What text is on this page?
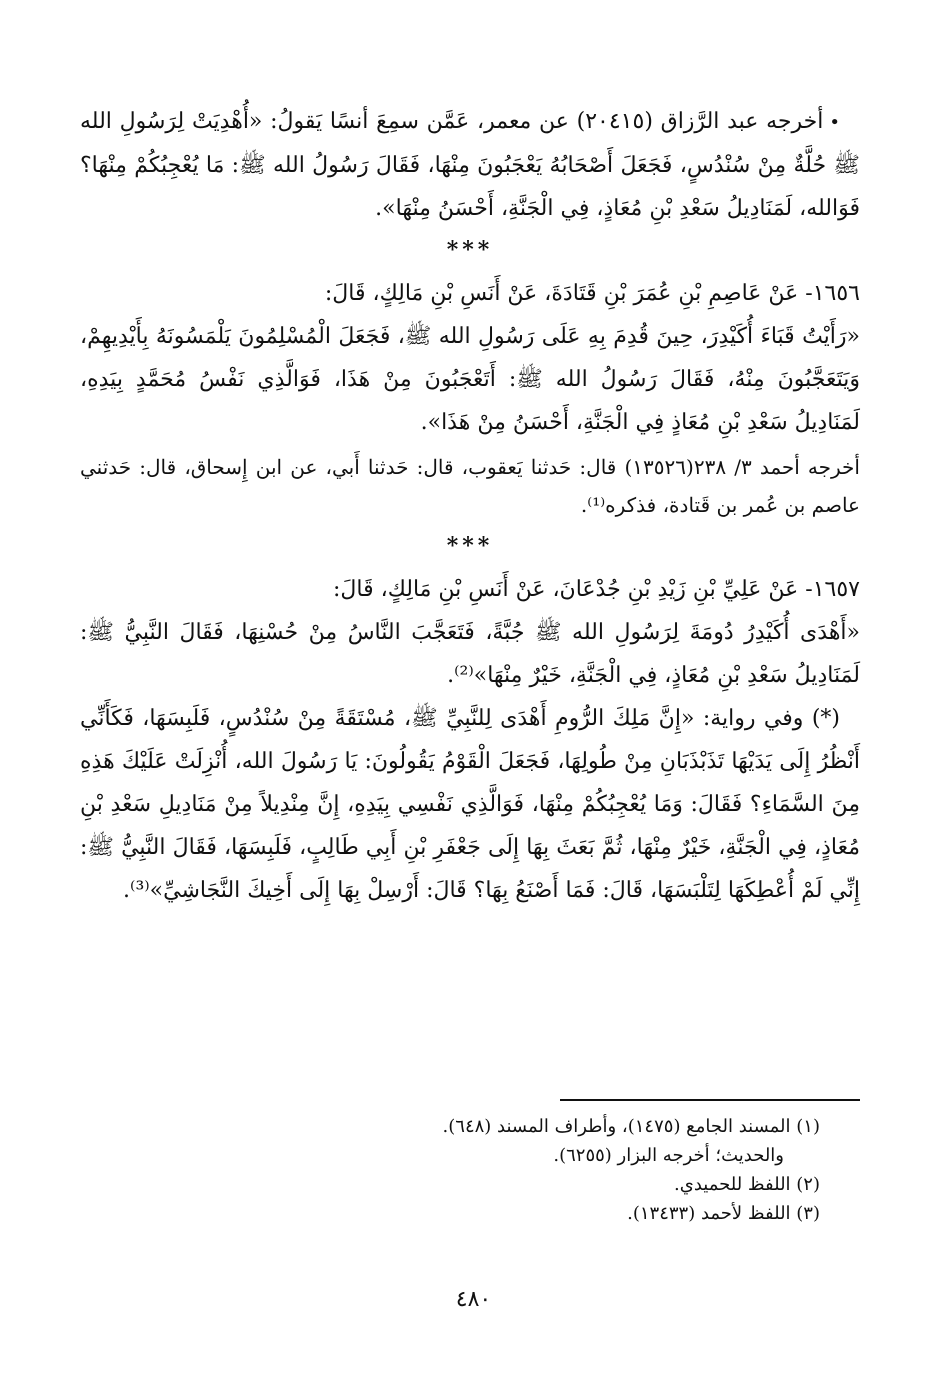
•أخرجه عبد الرَّزاق (٢٠٤١٥) عن معمر، عَمَّن سمِعَ أنسًا يَقولُ: «أُهْدِيَتْ لِرَسُولِ الله ﷺ حُلَّةٌ مِنْ سُنْدُسٍ، فَجَعَلَ أَصْحَابُهُ يَعْجَبُونَ مِنْهَا، فَقَالَ رَسُولُ الله ﷺ: مَا يُعْجِبُكُمْ مِنْهَا؟ فَوَالله، لَمَنَادِيلُ سَعْدِ بْنِ مُعَاذٍ، فِي الْجَنَّةِ، أَحْسَنُ مِنْهَا».

***

١٦٥٦- عَنْ عَاصِمِ بْنِ عُمَرَ بْنِ قَتَادَةَ، عَنْ أَنَسِ بْنِ مَالِكٍ، قَالَ:

«رَأَيْتُ قَبَاءَ أُكَيْدِرَ، حِينَ قُدِمَ بِهِ عَلَى رَسُولِ الله ﷺ، فَجَعَلَ الْمُسْلِمُونَ يَلْمَسُونَهُ بِأَيْدِيهِمْ، وَيَتَعَجَّبُونَ مِنْهُ، فَقَالَ رَسُولُ الله ﷺ: أَتَعْجَبُونَ مِنْ هَذَا، فَوَالَّذِي نَفْسُ مُحَمَّدٍ بِيَدِهِ، لَمَنَادِيلُ سَعْدِ بْنِ مُعَاذٍ فِي الْجَنَّةِ، أَحْسَنُ مِنْ هَذَا».

أخرجه أحمد ٣/ ٢٣٨(١٣٥٢٦) قال: حَدثنا يَعقوب، قال: حَدثنا أَبي، عن ابن إِسحاق، قال: حَدثني عاصم بن عُمر بن قَتادة، فذكره⁽¹⁾.

***

١٦٥٧- عَنْ عَلِيِّ بْنِ زَيْدِ بْنِ جُدْعَانَ، عَنْ أَنَسِ بْنِ مَالِكٍ، قَالَ:

«أَهْدَى أُكَيْدِرُ دُومَةَ لِرَسُولِ الله ﷺ جُبَّةً، فَتَعَجَّبَ النَّاسُ مِنْ حُسْنِهَا، فَقَالَ النَّبِيُّ ﷺ: لَمَنَادِيلُ سَعْدِ بْنِ مُعَاذٍ، فِي الْجَنَّةِ، خَيْرٌ مِنْهَا»⁽²⁾.

(*) وفي رواية: «إِنَّ مَلِكَ الرُّومِ أَهْدَى لِلنَّبِيِّ ﷺ، مُسْتَقَةً مِنْ سُنْدُسٍ، فَلَبِسَهَا، فَكَأَنِّي أَنْظُرُ إِلَى يَدَيْهَا تَذَبْذَبَانِ مِنْ طُولِهَا، فَجَعَلَ الْقَوْمُ يَقُولُونَ: يَا رَسُولَ الله، أُنْزِلَتْ عَلَيْكَ هَذِهِ مِنَ السَّمَاءِ؟ فَقَالَ: وَمَا يُعْجِبُكُمْ مِنْهَا، فَوَالَّذِي نَفْسِي بِيَدِهِ، إِنَّ مِنْدِيلاً مِنْ مَنَادِيلِ سَعْدِ بْنِ مُعَاذٍ، فِي الْجَنَّةِ، خَيْرٌ مِنْهَا، ثُمَّ بَعَثَ بِهَا إِلَى جَعْفَرِ بْنِ أَبِي طَالِبٍ، فَلَبِسَهَا، فَقَالَ النَّبِيُّ ﷺ: إِنِّي لَمْ أُعْطِكَهَا لِتَلْبَسَهَا، قَالَ: فَمَا أَصْنَعُ بِهَا؟ قَالَ: أَرْسِلْ بِهَا إِلَى أَخِيكَ النَّجَاشِيِّ»⁽³⁾.

(١) المسند الجامع (١٤٧٥)، وأطراف المسند (٦٤٨).

والحديث؛ أخرجه البزار (٦٢٥٥).

(٢) اللفظ للحميدي.

(٣) اللفظ لأحمد (١٣٤٣٣).

٤٨٠
